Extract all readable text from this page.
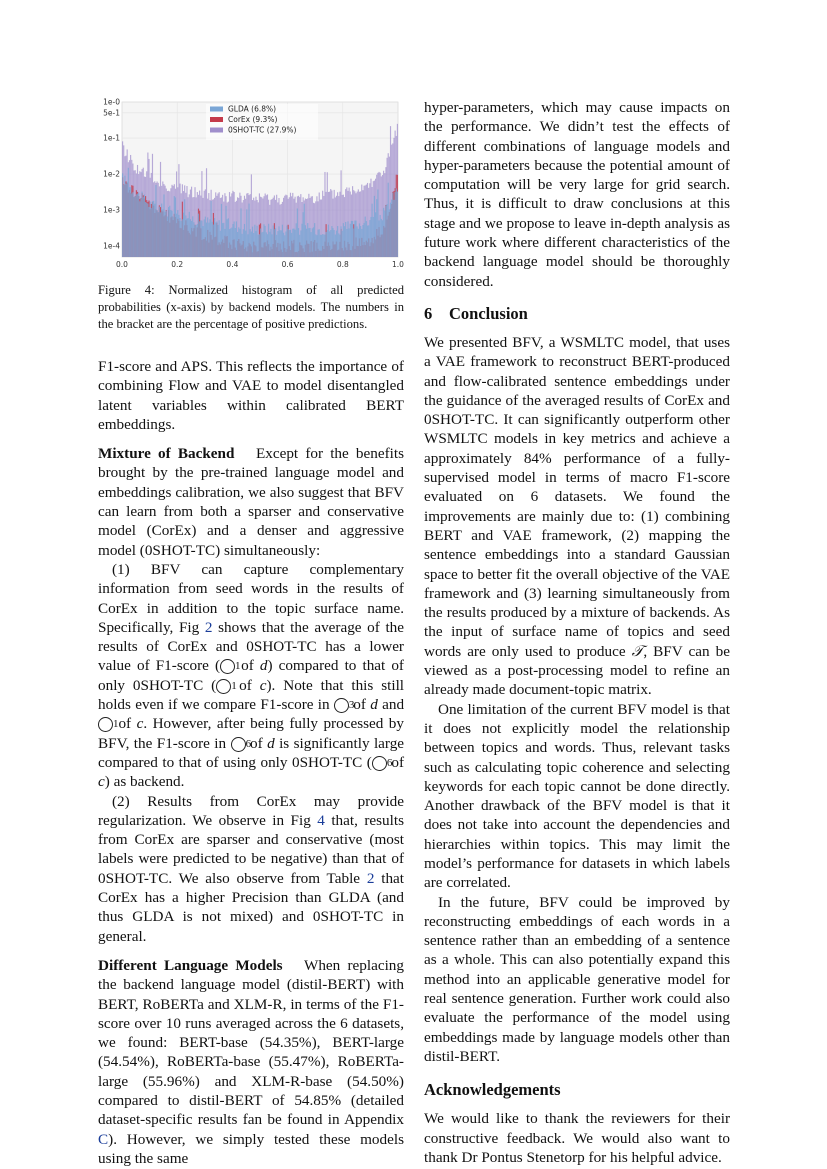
1e-0
5e-1
1e-1
1e-2
1e-3
1e-4
0.0	0.2	0.4	0.6	0.8	1.0
GLDA (6.8%)
CorEx (9.3%)
0SHOT-TC (27.9%)
Figure 4: Normalized histogram of all predicted probabilities (x-axis) by backend models. The numbers in the bracket are the percentage of positive predictions.

F1-score and APS. This reflects the importance of combining Flow and VAE to model disentangled latent variables within calibrated BERT embeddings.

Mixture of Backend Except for the benefits brought by the pre-trained language model and embeddings calibration, we also suggest that BFV can learn from both a sparser and conservative model (CorEx) and a denser and aggressive model (0SHOT-TC) simultaneously:

(1) BFV can capture complementary information from seed words in the results of CorEx in addition to the topic surface name. Specifically, Fig 2 shows that the average of the results of CorEx and 0SHOT-TC has a lower value of F1-score ( 1 of d) compared to that of only 0SHOT-TC ( 1 of c). Note that this still holds even if we compare F1-score in 3 of d and 1 of c. However, after being fully processed by BFV, the F1-score in 6 of d is significantly large compared to that of using only 0SHOT-TC ( 6 of c) as backend.

(2) Results from CorEx may provide regularization. We observe in Fig 4 that, results from CorEx are sparser and conservative (most labels were predicted to be negative) than that of 0SHOT-TC. We also observe from Table 2 that CorEx has a higher Precision than GLDA (and thus GLDA is not mixed) and 0SHOT-TC in general.

Different Language Models When replacing the backend language model (distil-BERT) with BERT, RoBERTa and XLM-R, in terms of the F1-score over 10 runs averaged across the 6 datasets, we found: BERT-base (54.35%), BERT-large (54.54%), RoBERTa-base (55.47%), RoBERTa-large (55.96%) and XLM-R-base (54.50%) compared to distil-BERT of 54.85% (detailed dataset-specific results fan be found in Appendix C). However, we simply tested these models using the same

hyper-parameters, which may cause impacts on the performance. We didn’t test the effects of different combinations of language models and hyper-parameters because the potential amount of computation will be very large for grid search. Thus, it is difficult to draw conclusions at this stage and we propose to leave in-depth analysis as future work where different characteristics of the backend language model should be thoroughly considered.

6 Conclusion

We presented BFV, a WSMLTC model, that uses a VAE framework to reconstruct BERT-produced and flow-calibrated sentence embeddings under the guidance of the averaged results of CorEx and 0SHOT-TC. It can significantly outperform other WSMLTC models in key metrics and achieve a approximately 84% performance of a fully-supervised model in terms of macro F1-score evaluated on 6 datasets. We found the improvements are mainly due to: (1) combining BERT and VAE framework, (2) mapping the sentence embeddings into a standard Gaussian space to better fit the overall objective of the VAE framework and (3) learning simultaneously from the results produced by a mixture of backends. As the input of surface name of topics and seed words are only used to produce 𝒯, BFV can be viewed as a post-processing model to refine an already made document-topic matrix.

One limitation of the current BFV model is that it does not explicitly model the relationship between topics and words. Thus, relevant tasks such as calculating topic coherence and selecting keywords for each topic cannot be done directly. Another drawback of the BFV model is that it does not take into account the dependencies and hierarchies within topics. This may limit the model’s performance for datasets in which labels are correlated.

In the future, BFV could be improved by reconstructing embeddings of each words in a sentence rather than an embedding of a sentence as a whole. This can also potentially expand this method into an applicable generative model for real sentence generation. Further work could also evaluate the performance of the model using embeddings made by language models other than distil-BERT.

Acknowledgements

We would like to thank the reviewers for their constructive feedback. We would also want to thank Dr Pontus Stenetorp for his helpful advice.
